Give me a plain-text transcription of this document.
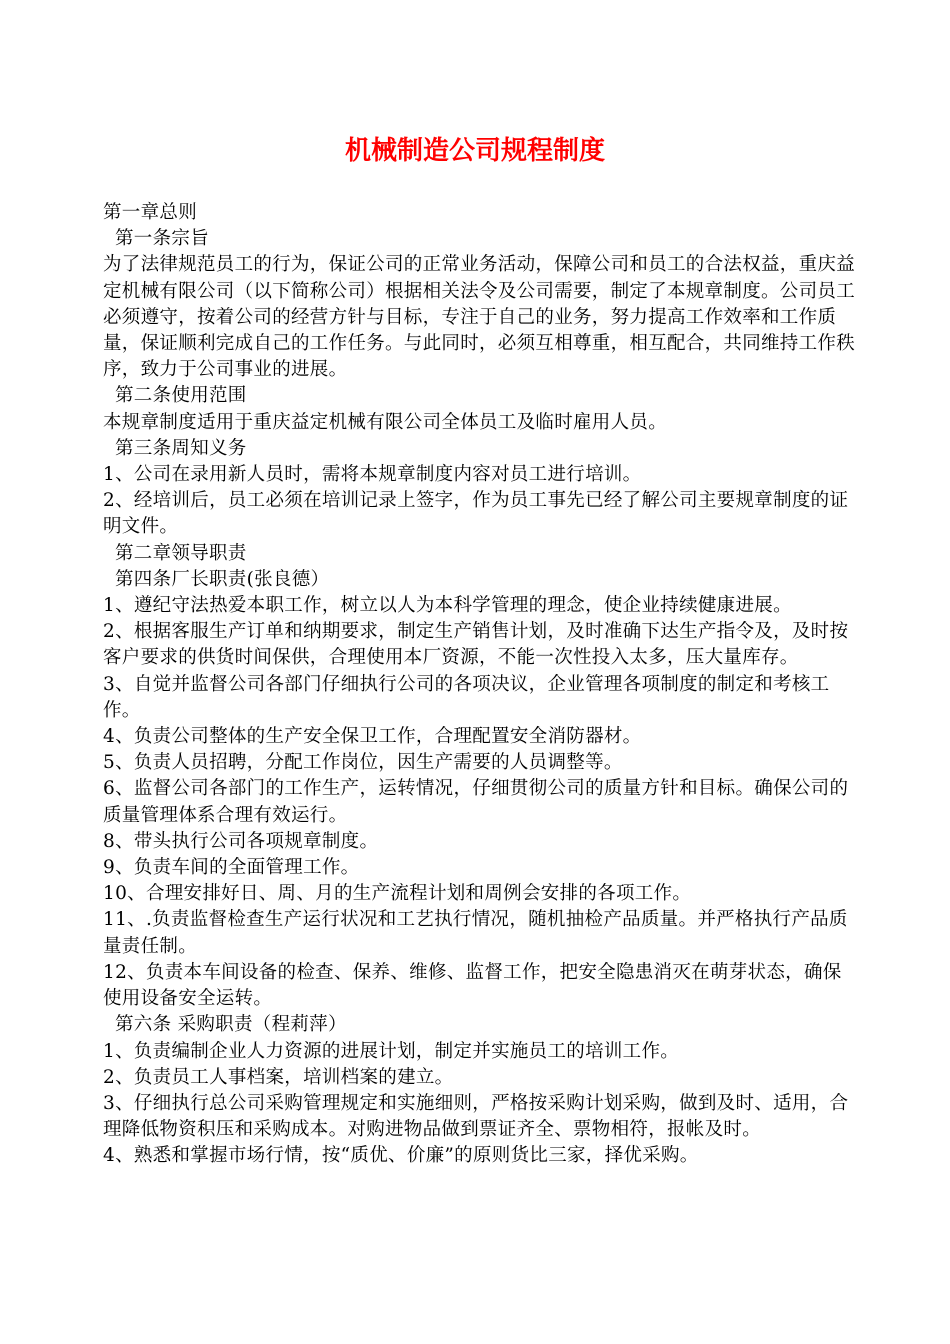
机械制造公司规程制度

第一章总则

第一条宗旨

为了法律规范员工的行为，保证公司的正常业务活动，保障公司和员工的合法权益，重庆益定机械有限公司（以下简称公司）根据相关法令及公司需要，制定了本规章制度。公司员工必须遵守，按着公司的经营方针与目标，专注于自己的业务，努力提高工作效率和工作质量，保证顺利完成自己的工作任务。与此同时，必须互相尊重，相互配合，共同维持工作秩序，致力于公司事业的进展。

第二条使用范围

本规章制度适用于重庆益定机械有限公司全体员工及临时雇用人员。

第三条周知义务

1、公司在录用新人员时，需将本规章制度内容对员工进行培训。

2、经培训后，员工必须在培训记录上签字，作为员工事先已经了解公司主要规章制度的证明文件。

第二章领导职责

第四条厂长职责(张良德）

1、遵纪守法热爱本职工作，树立以人为本科学管理的理念，使企业持续健康进展。

2、根据客服生产订单和纳期要求，制定生产销售计划，及时准确下达生产指令及，及时按客户要求的供货时间保供，合理使用本厂资源，不能一次性投入太多，压大量库存。

3、自觉并监督公司各部门仔细执行公司的各项决议，企业管理各项制度的制定和考核工作。

4、负责公司整体的生产安全保卫工作，合理配置安全消防器材。

5、负责人员招聘，分配工作岗位，因生产需要的人员调整等。

6、监督公司各部门的工作生产，运转情况，仔细贯彻公司的质量方针和目标。确保公司的质量管理体系合理有效运行。

8、带头执行公司各项规章制度。

9、负责车间的全面管理工作。

10、合理安排好日、周、月的生产流程计划和周例会安排的各项工作。

11、.负责监督检查生产运行状况和工艺执行情况，随机抽检产品质量。并严格执行产品质量责任制。

12、负责本车间设备的检查、保养、维修、监督工作，把安全隐患消灭在萌芽状态，确保使用设备安全运转。

第六条 采购职责（程莉萍）

1、负责编制企业人力资源的进展计划，制定并实施员工的培训工作。

2、负责员工人事档案，培训档案的建立。

3、仔细执行总公司采购管理规定和实施细则，严格按采购计划采购，做到及时、适用，合理降低物资积压和采购成本。对购进物品做到票证齐全、票物相符，报帐及时。

4、熟悉和掌握市场行情，按“质优、价廉”的原则货比三家，择优采购。
